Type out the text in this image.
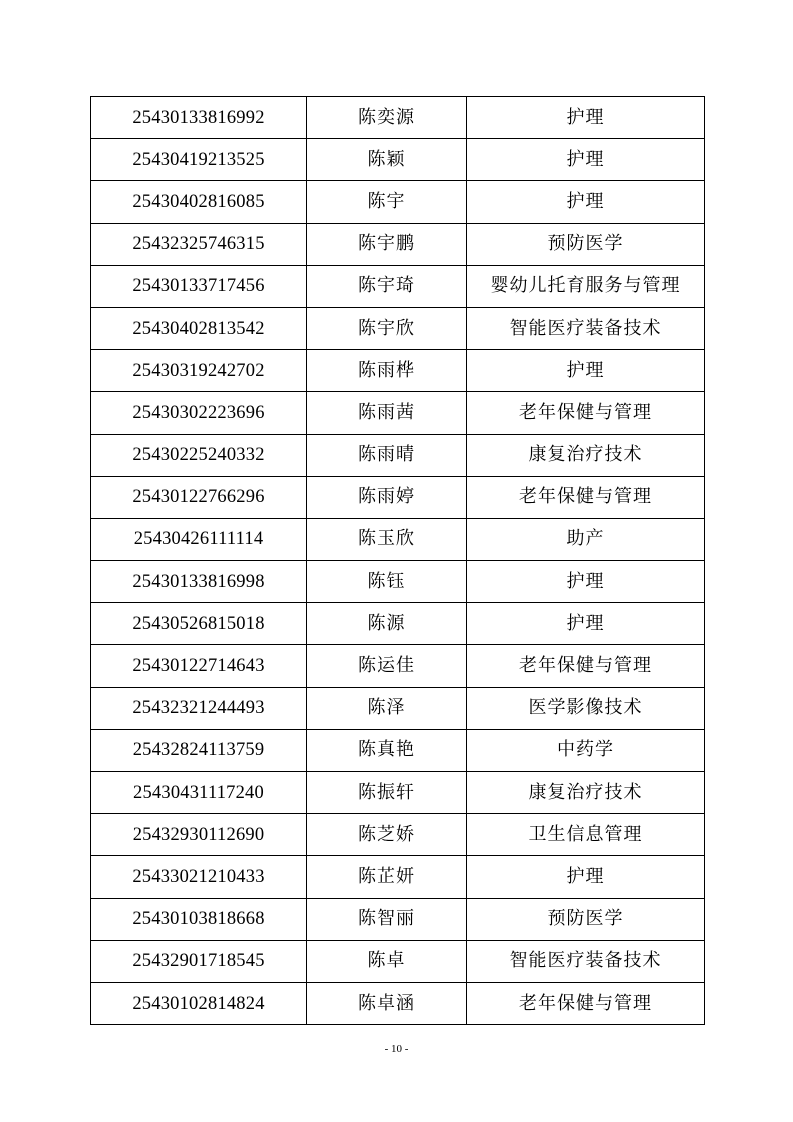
25430133816992	陈奕源	护理
25430419213525	陈颖	护理
25430402816085	陈宇	护理
25432325746315	陈宇鹏	预防医学
25430133717456	陈宇琦	婴幼儿托育服务与管理
25430402813542	陈宇欣	智能医疗装备技术
25430319242702	陈雨桦	护理
25430302223696	陈雨茜	老年保健与管理
25430225240332	陈雨晴	康复治疗技术
25430122766296	陈雨婷	老年保健与管理
25430426111114	陈玉欣	助产
25430133816998	陈钰	护理
25430526815018	陈源	护理
25430122714643	陈运佳	老年保健与管理
25432321244493	陈泽	医学影像技术
25432824113759	陈真艳	中药学
25430431117240	陈振轩	康复治疗技术
25432930112690	陈芝娇	卫生信息管理
25433021210433	陈芷妍	护理
25430103818668	陈智丽	预防医学
25432901718545	陈卓	智能医疗装备技术
25430102814824	陈卓涵	老年保健与管理
- 10 -
